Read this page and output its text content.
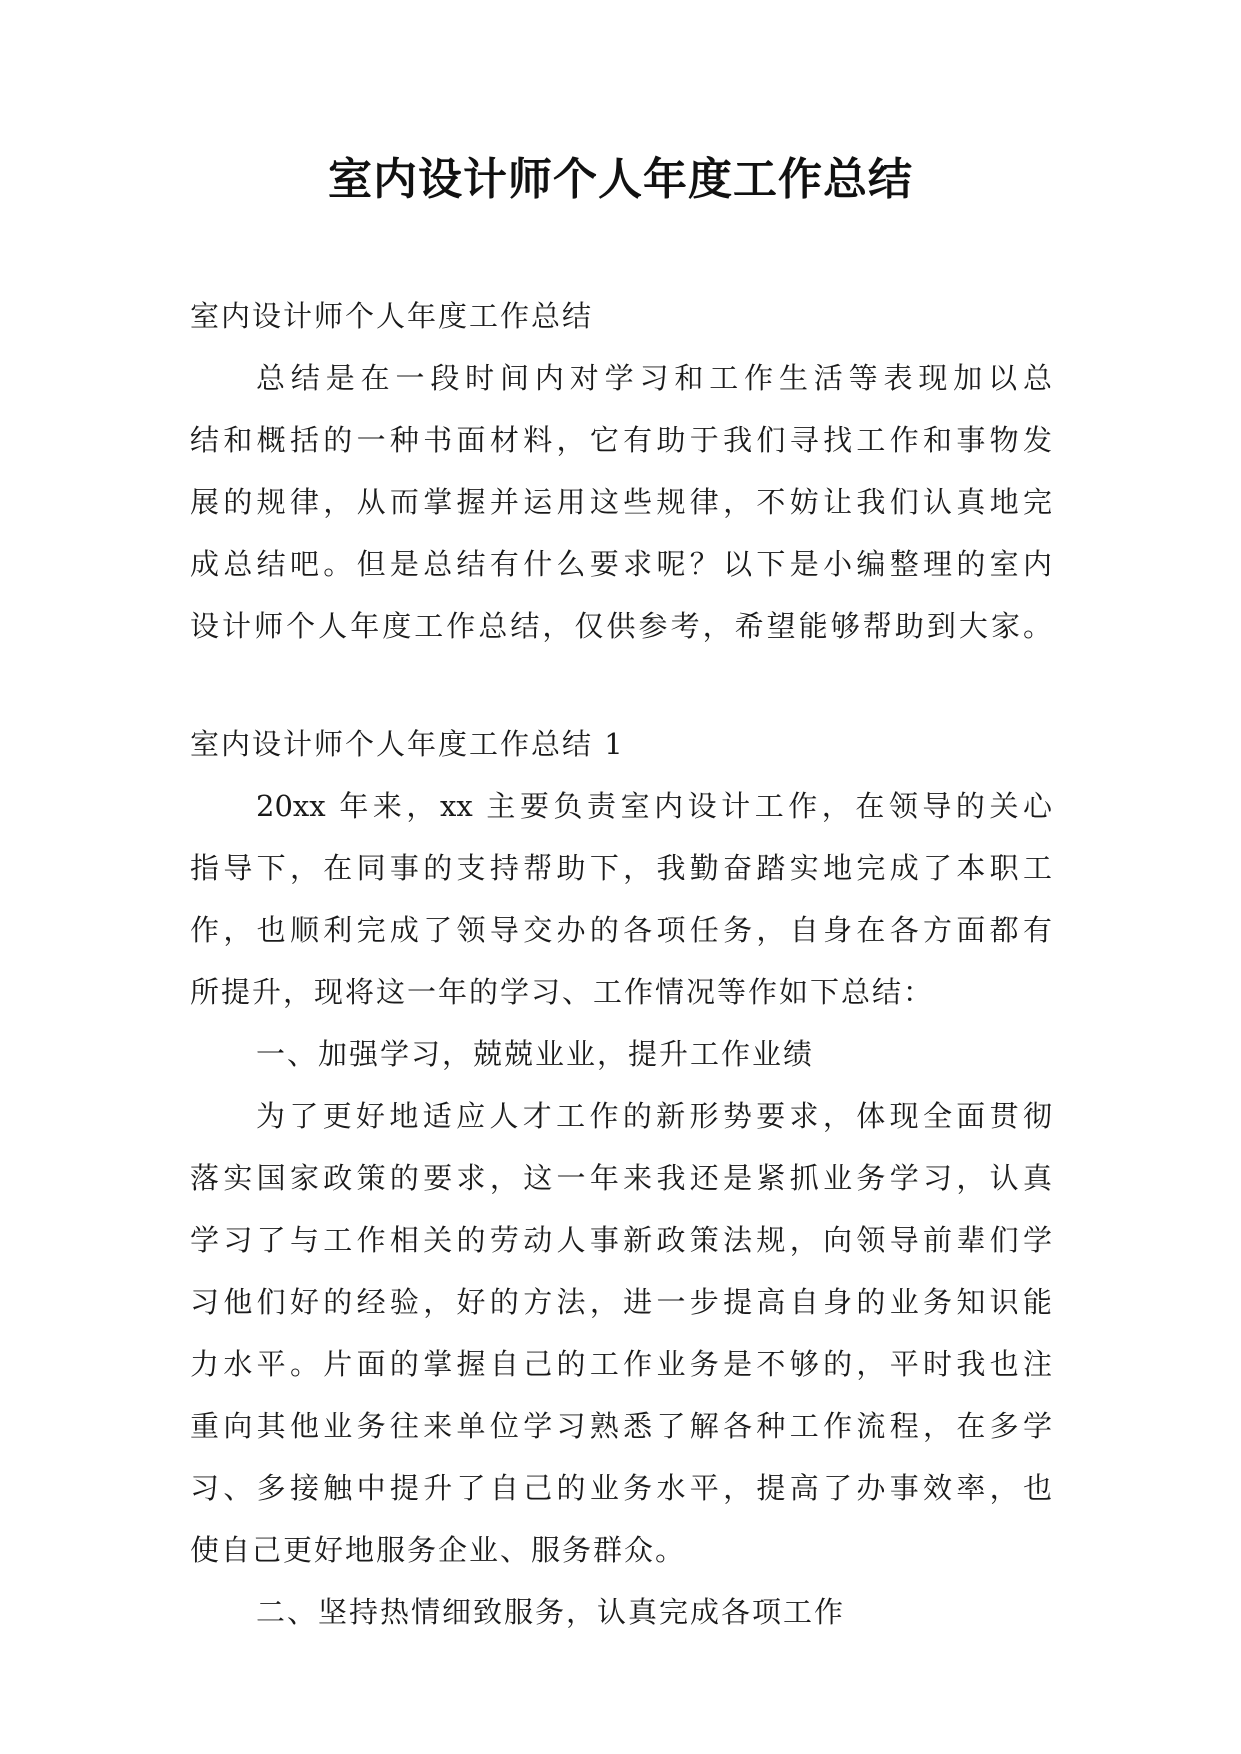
室内设计师个人年度工作总结
室内设计师个人年度工作总结
总结是在一段时间内对学习和工作生活等表现加以总
结和概括的一种书面材料，它有助于我们寻找工作和事物发
展的规律，从而掌握并运用这些规律，不妨让我们认真地完
成总结吧。但是总结有什么要求呢？以下是小编整理的室内
设计师个人年度工作总结，仅供参考，希望能够帮助到大家。
室内设计师个人年度工作总结 1
20xx 年来，xx 主要负责室内设计工作，在领导的关心
指导下，在同事的支持帮助下，我勤奋踏实地完成了本职工
作，也顺利完成了领导交办的各项任务，自身在各方面都有
所提升，现将这一年的学习、工作情况等作如下总结：
一、加强学习，兢兢业业，提升工作业绩
为了更好地适应人才工作的新形势要求，体现全面贯彻
落实国家政策的要求，这一年来我还是紧抓业务学习，认真
学习了与工作相关的劳动人事新政策法规，向领导前辈们学
习他们好的经验，好的方法，进一步提高自身的业务知识能
力水平。片面的掌握自己的工作业务是不够的，平时我也注
重向其他业务往来单位学习熟悉了解各种工作流程，在多学
习、多接触中提升了自己的业务水平，提高了办事效率，也
使自己更好地服务企业、服务群众。
二、坚持热情细致服务，认真完成各项工作
